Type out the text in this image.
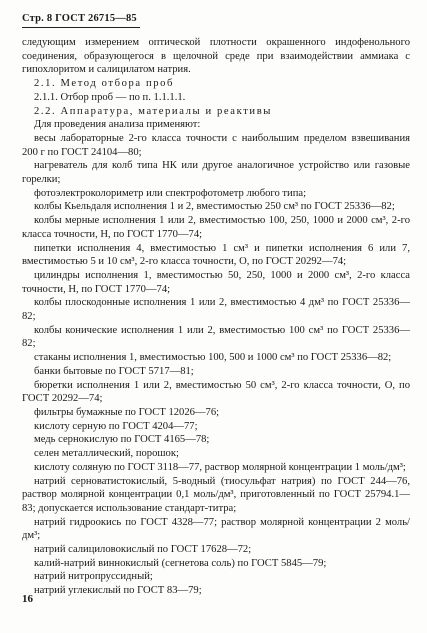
Стр. 8 ГОСТ 26715—85

следующим измерением оптической плотности окрашенного индофенольного соединения, образующегося в щелочной среде при взаимодействии аммиака с гипохлоритом и салицилатом натрия.

2.1. Метод отбора проб

2.1.1. Отбор проб — по п. 1.1.1.1.

2.2. Аппаратура, материалы и реактивы

Для проведения анализа применяют:

весы лабораторные 2-го класса точности с наибольшим пределом взвешивания 200 г по ГОСТ 24104—80;

нагреватель для колб типа НК или другое аналогичное устройство или газовые горелки;

фотоэлектроколориметр или спектрофотометр любого типа;

колбы Кьельдаля исполнения 1 и 2, вместимостью 250 см³ по ГОСТ 25336—82;

колбы мерные исполнения 1 или 2, вместимостью 100, 250, 1000 и 2000 см³, 2-го класса точности, Н, по ГОСТ 1770—74;

пипетки исполнения 4, вместимостью 1 см³ и пипетки исполнения 6 или 7, вместимостью 5 и 10 см³, 2-го класса точности, О, по ГОСТ 20292—74;

цилиндры исполнения 1, вместимостью 50, 250, 1000 и 2000 см³, 2-го класса точности, Н, по ГОСТ 1770—74;

колбы плоскодонные исполнения 1 или 2, вместимостью 4 дм³ по ГОСТ 25336—82;

колбы конические исполнения 1 или 2, вместимостью 100 см³ по ГОСТ 25336—82;

стаканы исполнения 1, вместимостью 100, 500 и 1000 см³ по ГОСТ 25336—82;

банки бытовые по ГОСТ 5717—81;

бюретки исполнения 1 или 2, вместимостью 50 см³, 2-го класса точности, О, по ГОСТ 20292—74;

фильтры бумажные по ГОСТ 12026—76;

кислоту серную по ГОСТ 4204—77;

медь сернокислую по ГОСТ 4165—78;

селен металлический, порошок;

кислоту соляную по ГОСТ 3118—77, раствор молярной концентрации 1 моль/дм³;

натрий серноватистокислый, 5-водный (тиосульфат натрия) по ГОСТ 244—76, раствор молярной концентрации 0,1 моль/дм³, приготовленный по ГОСТ 25794.1—83; допускается использование стандарт-титра;

натрий гидроокись по ГОСТ 4328—77; раствор молярной концентрации 2 моль/дм³;

натрий салициловокислый по ГОСТ 17628—72;

калий-натрий виннокислый (сегнетова соль) по ГОСТ 5845—79;

натрий нитропруссидный;

натрий углекислый по ГОСТ 83—79;

16
